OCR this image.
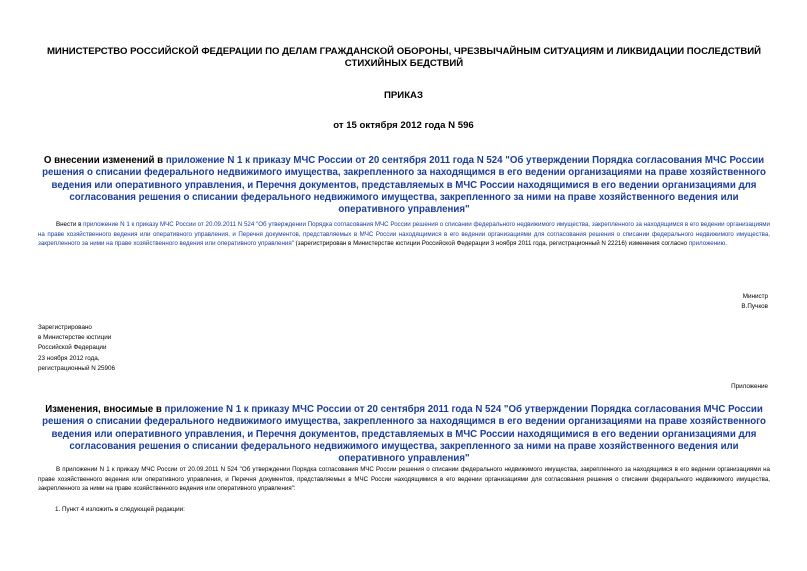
МИНИСТЕРСТВО РОССИЙСКОЙ ФЕДЕРАЦИИ ПО ДЕЛАМ ГРАЖДАНСКОЙ ОБОРОНЫ, ЧРЕЗВЫЧАЙНЫМ СИТУАЦИЯМ И ЛИКВИДАЦИИ ПОСЛЕДСТВИЙ СТИХИЙНЫХ БЕДСТВИЙ
ПРИКАЗ
от 15 октября 2012 года N 596
О внесении изменений в приложение N 1 к приказу МЧС России от 20 сентября 2011 года N 524 "Об утверждении Порядка согласования МЧС России решения о списании федерального недвижимого имущества, закрепленного за находящимся в его ведении организациями на праве хозяйственного ведения или оперативного управления, и Перечня документов, представляемых в МЧС России находящимися в его ведении организациями для согласования решения о списании федерального недвижимого имущества, закрепленного за ними на праве хозяйственного ведения или оперативного управления"
Внести в приложение N 1 к приказу МЧС России от 20.09.2011 N 524 "Об утверждении Порядка согласования МЧС России решения о списании федерального недвижимого имущества, закрепленного за находящимся в его ведении организациями на праве хозяйственного ведения или оперативного управления, и Перечня документов, представляемых в МЧС России находящимися в его ведении организациями для согласования решения о списании федерального недвижимого имущества, закрепленного за ними на праве хозяйственного ведения или оперативного управления" (зарегистрирован в Министерстве юстиции Российской Федерации 3 ноября 2011 года, регистрационный N 22216) изменения согласно приложению.
Министр
В.Пучков
Зарегистрировано
в Министерстве юстиции
Российской Федерации
23 ноября 2012 года,
регистрационный N 25906
Приложение
Изменения, вносимые в приложение N 1 к приказу МЧС России от 20 сентября 2011 года N 524 "Об утверждении Порядка согласования МЧС России решения о списании федерального недвижимого имущества, закрепленного за находящимся в его ведении организациями на праве хозяйственного ведения или оперативного управления, и Перечня документов, представляемых в МЧС России находящимися в его ведении организациями для согласования решения о списании федерального недвижимого имущества, закрепленного за ними на праве хозяйственного ведения или оперативного управления"
В приложении N 1 к приказу МЧС России от 20.09.2011 N 524 "Об утверждении Порядка согласования МЧС России решения о списании федерального недвижимого имущества, закрепленного за находящимся в его ведении организациями на праве хозяйственного ведения или оперативного управления, и Перечня документов, представляемых в МЧС России находящимися в его ведении организациями для согласования решения о списании федерального недвижимого имущества, закрепленного за ними на праве хозяйственного ведения или оперативного управления":
1. Пункт 4 изложить в следующей редакции:
